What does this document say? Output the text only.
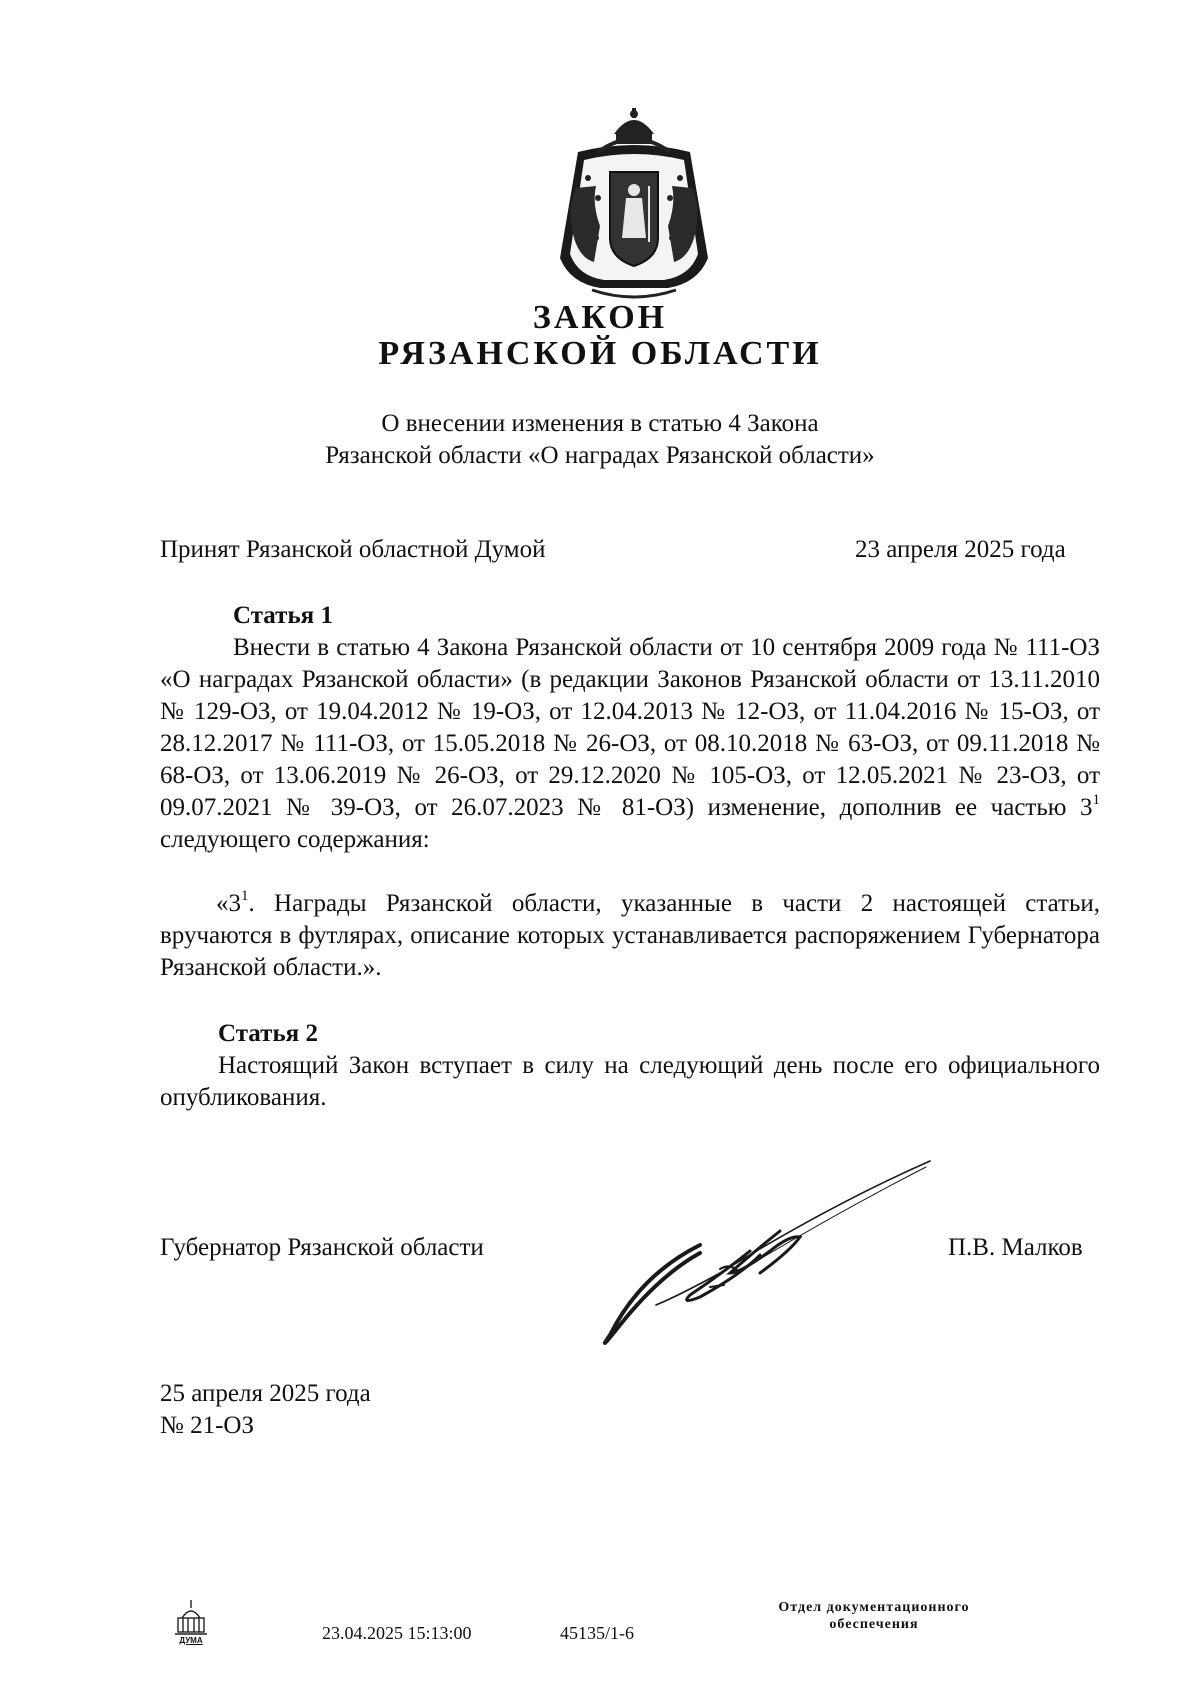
ЗАКОН
РЯЗАНСКОЙ ОБЛАСТИ
О внесении изменения в статью 4 Закона
Рязанской области «О наградах Рязанской области»
Принят Рязанской областной Думой	23 апреля 2025 года
Статья 1
Внести в статью 4 Закона Рязанской области от 10 сентября 2009 года № 111-ОЗ «О наградах Рязанской области» (в редакции Законов Рязанской области от 13.11.2010 № 129-ОЗ, от 19.04.2012 № 19-ОЗ, от 12.04.2013 № 12-ОЗ, от 11.04.2016 № 15-ОЗ, от 28.12.2017 № 111-ОЗ, от 15.05.2018 № 26-ОЗ, от 08.10.2018 № 63-ОЗ, от 09.11.2018 № 68-ОЗ, от 13.06.2019 № 26-ОЗ, от 29.12.2020 № 105-ОЗ, от 12.05.2021 № 23-ОЗ, от 09.07.2021 № 39-ОЗ, от 26.07.2023 № 81-ОЗ) изменение, дополнив ее частью $3^1$ следующего содержания:
«$3^1$. Награды Рязанской области, указанные в части 2 настоящей статьи, вручаются в футлярах, описание которых устанавливается распоряжением Губернатора Рязанской области.».
Статья 2
Настоящий Закон вступает в силу на следующий день после его официального опубликования.
Губернатор Рязанской области	П.В. Малков
25 апреля 2025 года
№ 21-ОЗ
ДУМА	23.04.2025 15:13:00	45135/1-6
Отдел документационного
обеспечения
